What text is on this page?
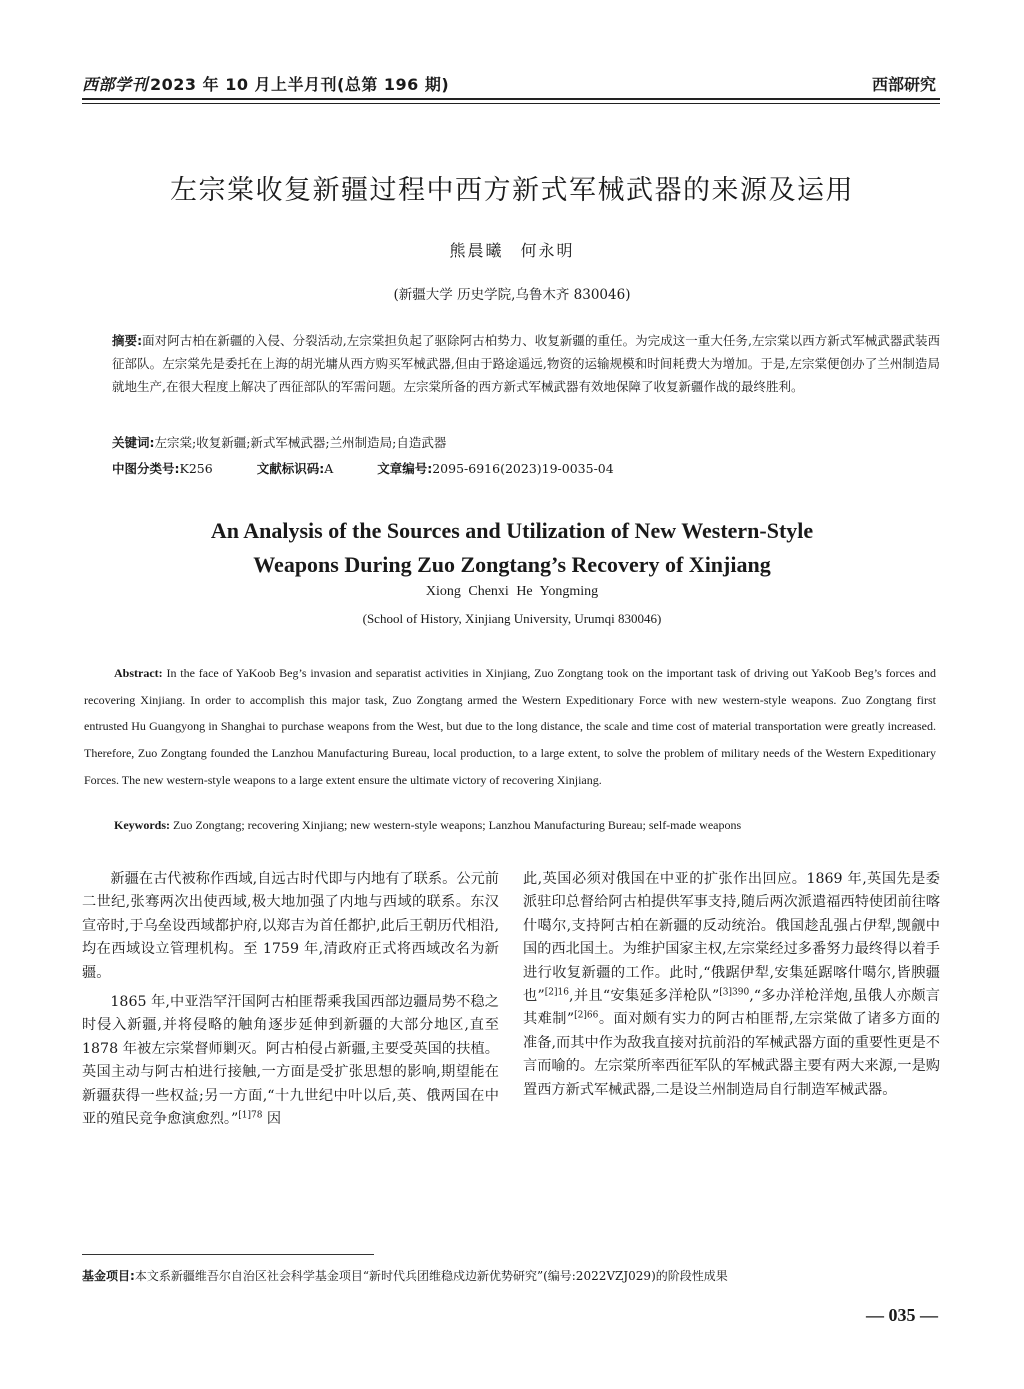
西部学刊 2023 年 10 月上半月刊(总第 196 期)	西部研究
左宗棠收复新疆过程中西方新式军械武器的来源及运用
熊晨曦 何永明
(新疆大学 历史学院,乌鲁木齐 830046)
摘要:面对阿古柏在新疆的入侵、分裂活动,左宗棠担负起了驱除阿古柏势力、收复新疆的重任。为完成这一重大任务,左宗棠以西方新式军械武器武装西征部队。左宗棠先是委托在上海的胡光墉从西方购买军械武器,但由于路途遥远,物资的运输规模和时间耗费大为增加。于是,左宗棠便创办了兰州制造局就地生产,在很大程度上解决了西征部队的军需问题。左宗棠所备的西方新式军械武器有效地保障了收复新疆作战的最终胜利。
关键词:左宗棠;收复新疆;新式军械武器;兰州制造局;自造武器
中图分类号:K256	文献标识码:A	文章编号:2095-6916(2023)19-0035-04
An Analysis of the Sources and Utilization of New Western-Style
Weapons During Zuo Zongtang’s Recovery of Xinjiang
Xiong Chenxi He Yongming
(School of History, Xinjiang University, Urumqi 830046)
Abstract: In the face of YaKoob Beg’s invasion and separatist activities in Xinjiang, Zuo Zongtang took on the important task of driving out YaKoob Beg’s forces and recovering Xinjiang. In order to accomplish this major task, Zuo Zongtang armed the Western Expeditionary Force with new western-style weapons. Zuo Zongtang first entrusted Hu Guangyong in Shanghai to purchase weapons from the West, but due to the long distance, the scale and time cost of material transportation were greatly increased. Therefore, Zuo Zongtang founded the Lanzhou Manufacturing Bureau, local production, to a large extent, to solve the problem of military needs of the Western Expeditionary Forces. The new western-style weapons to a large extent ensure the ultimate victory of recovering Xinjiang.
Keywords: Zuo Zongtang; recovering Xinjiang; new western-style weapons; Lanzhou Manufacturing Bureau; self-made weapons

新疆在古代被称作西域,自远古时代即与内地有了联系。公元前二世纪,张骞两次出使西域,极大地加强了内地与西域的联系。东汉宣帝时,于乌垒设西域都护府,以郑吉为首任都护,此后王朝历代相沿,均在西域设立管理机构。至 1759 年,清政府正式将西域改名为新疆。

1865 年,中亚浩罕汗国阿古柏匪帮乘我国西部边疆局势不稳之时侵入新疆,并将侵略的触角逐步延伸到新疆的大部分地区,直至 1878 年被左宗棠督师剿灭。阿古柏侵占新疆,主要受英国的扶植。英国主动与阿古柏进行接触,一方面是受扩张思想的影响,期望能在新疆获得一些权益;另一方面,“十九世纪中叶以后,英、俄两国在中亚的殖民竞争愈演愈烈。”$^{[1]78}$ 因

此,英国必须对俄国在中亚的扩张作出回应。1869 年,英国先是委派驻印总督给阿古柏提供军事支持,随后两次派遣福西特使团前往喀什噶尔,支持阿古柏在新疆的反动统治。俄国趁乱强占伊犁,觊觎中国的西北国土。为维护国家主权,左宗棠经过多番努力最终得以着手进行收复新疆的工作。此时,“俄踞伊犁,安集延踞喀什噶尔,皆腴疆也”$^{[2]16}$,并且“安集延多洋枪队”$^{[3]390}$,“多办洋枪洋炮,虽俄人亦颇言其难制”$^{[2]66}$。面对颇有实力的阿古柏匪帮,左宗棠做了诸多方面的准备,而其中作为敌我直接对抗前沿的军械武器方面的重要性更是不言而喻的。左宗棠所率西征军队的军械武器主要有两大来源,一是购置西方新式军械武器,二是设兰州制造局自行制造军械武器。

基金项目:本文系新疆维吾尔自治区社会科学基金项目“新时代兵团维稳戍边新优势研究”(编号:2022VZJ029)的阶段性成果
— 035 —
